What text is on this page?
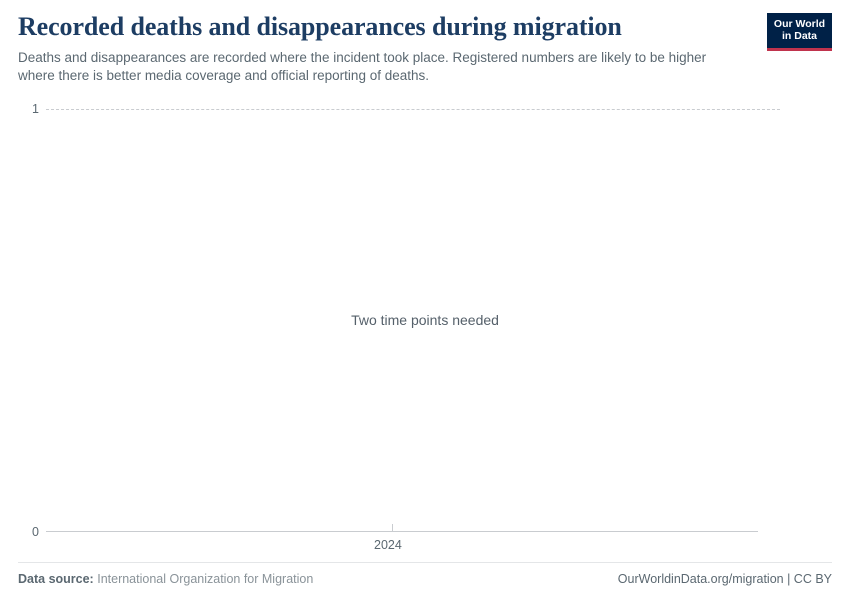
Recorded deaths and disappearances during migration

Deaths and disappearances are recorded where the incident took place. Registered numbers are likely to be higher where there is better media coverage and official reporting of deaths.

Our World
in Data
1
0
Two time points needed
2024
Data source: International Organization for Migration	OurWorldinData.org/migration | CC BY
